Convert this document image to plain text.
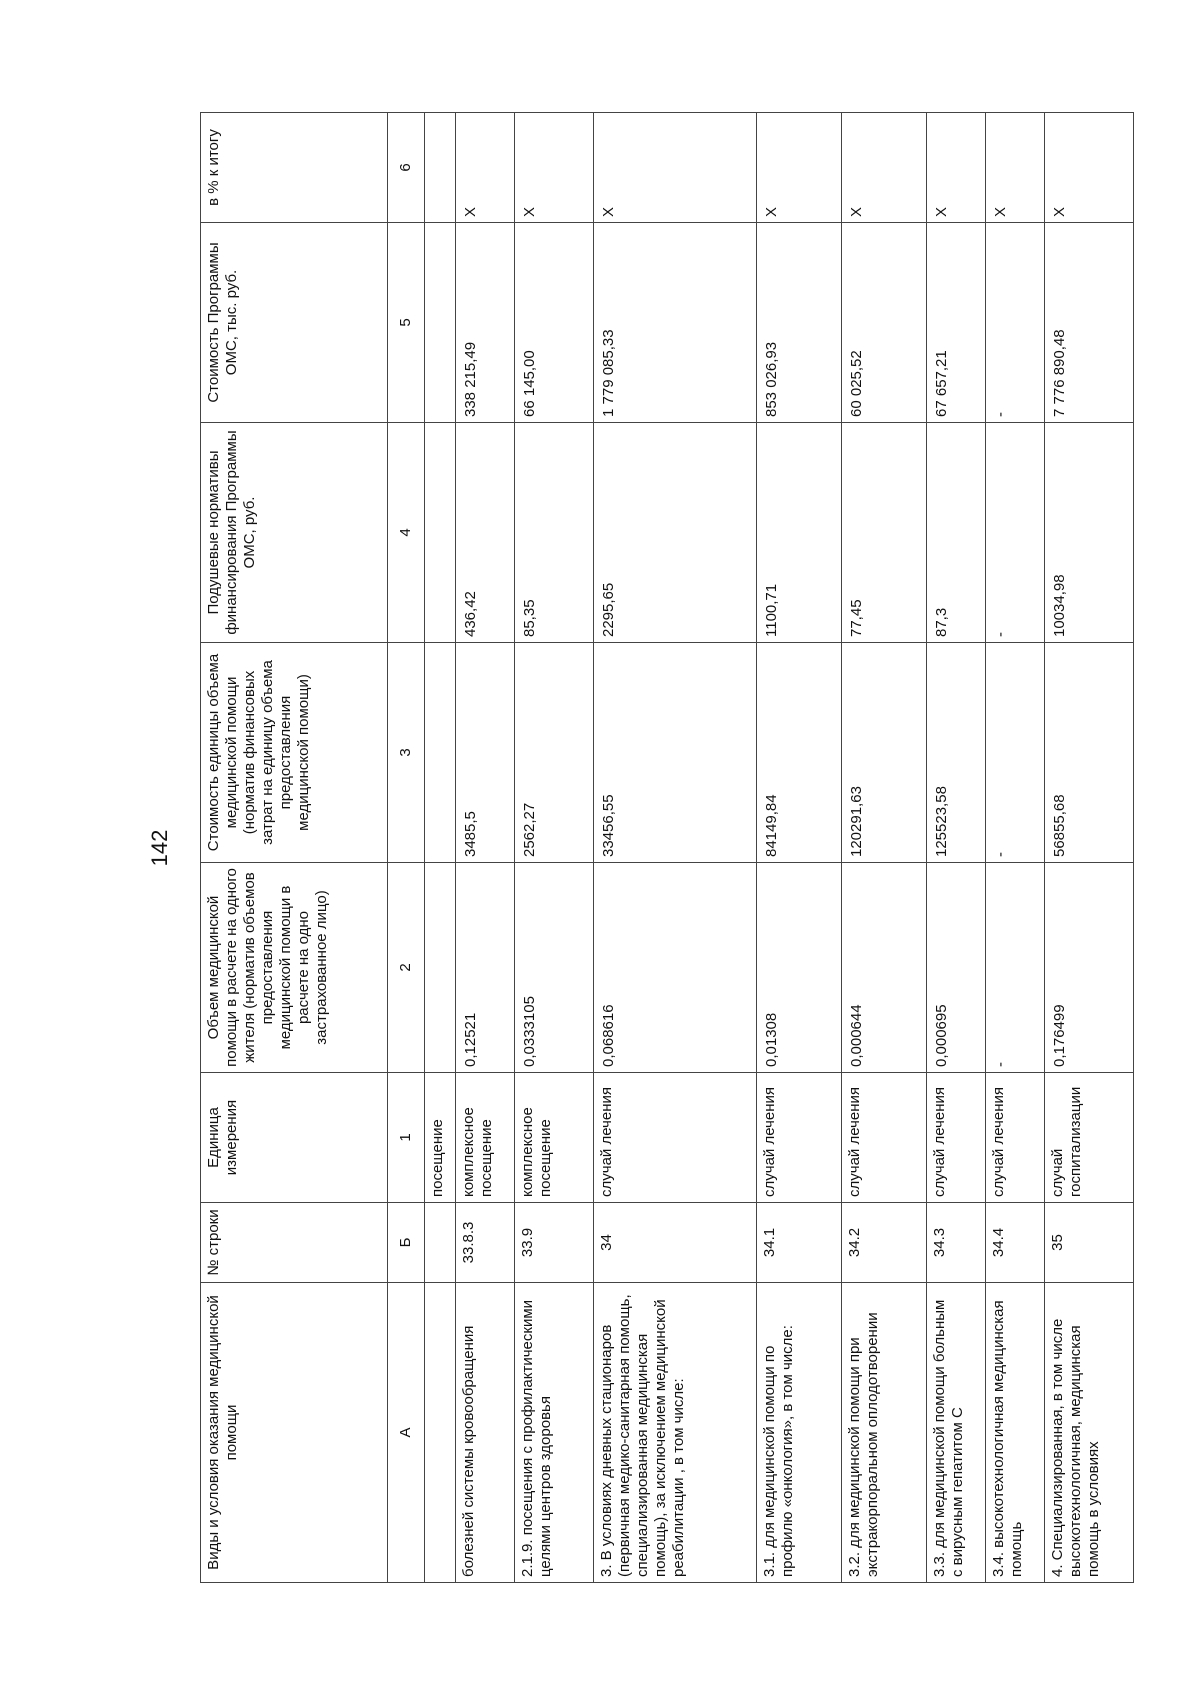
142
Виды и условия оказания медицинской помощи	№ строки	Единица измерения	Объем медицинской помощи в расчете на одного жителя (норматив объемов предоставления медицинской помощи в расчете на одно застрахованное лицо)	Стоимость единицы объема медицинской помощи (норматив финансовых затрат на единицу объема предоставления медицинской помощи)	Подушевые нормативы финансирования Программы ОМС, руб.	Стоимость Программы ОМС, тыс. руб.	в % к итогу
А	Б	1	2	3	4	5	6
		посещение					
болезней системы кровообращения	33.8.3	комплексное посещение	0,12521	3485,5	436,42	338 215,49	Х
2.1.9. посещения с профилактическими целями центров здоровья	33.9	комплексное посещение	0,0333105	2562,27	85,35	66 145,00	Х
3. В условиях дневных стационаров (первичная медико-санитарная помощь, специализированная медицинская помощь), за исключением медицинской реабилитации , в том числе:	34	случай лечения	0,068616	33456,55	2295,65	1 779 085,33	Х
3.1. для медицинской помощи по профилю «онкология», в том числе:	34.1	случай лечения	0,01308	84149,84	1100,71	853 026,93	Х
3.2. для медицинской помощи при экстракорпоральном оплодотворении	34.2	случай лечения	0,000644	120291,63	77,45	60 025,52	Х
3.3. для медицинской помощи больным с вирусным гепатитом С	34.3	случай лечения	0,000695	125523,58	87,3	67 657,21	Х
3.4. высокотехнологичная медицинская помощь	34.4	случай лечения	-	-	-	-	Х
4. Специализированная, в том числе высокотехнологичная, медицинская помощь в условиях	35	случай госпитализации	0,176499	56855,68	10034,98	7 776 890,48	Х
